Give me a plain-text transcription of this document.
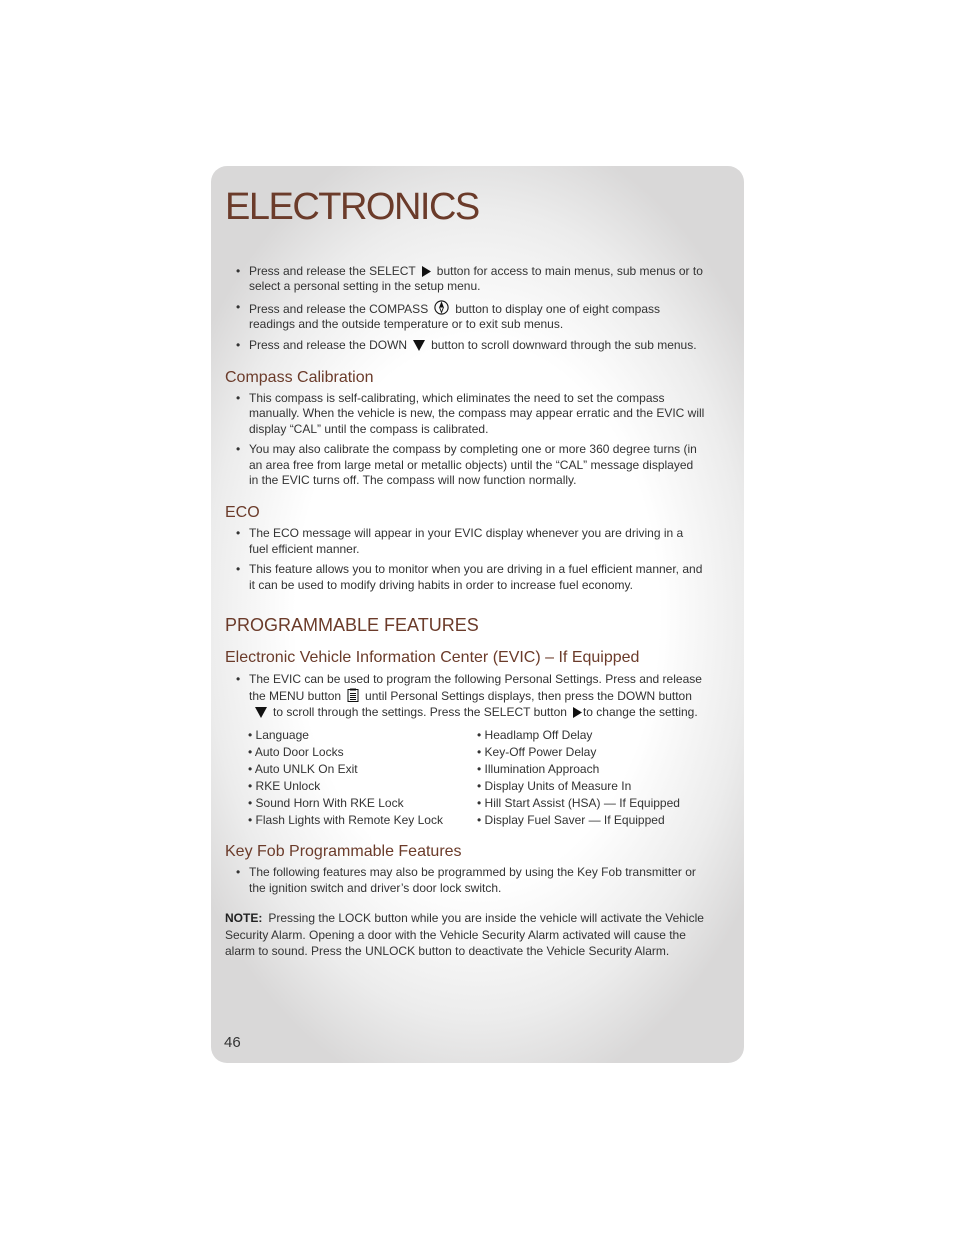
ELECTRONICS
• Press and release the SELECT button for access to main menus, sub menus or to select a personal setting in the setup menu.
• Press and release the COMPASS button to display one of eight compass readings and the outside temperature or to exit sub menus.
• Press and release the DOWN button to scroll downward through the sub menus.
Compass Calibration
• This compass is self-calibrating, which eliminates the need to set the compass manually. When the vehicle is new, the compass may appear erratic and the EVIC will display “CAL” until the compass is calibrated.
• You may also calibrate the compass by completing one or more 360 degree turns (in an area free from large metal or metallic objects) until the “CAL” message displayed in the EVIC turns off. The compass will now function normally.
ECO
• The ECO message will appear in your EVIC display whenever you are driving in a fuel efficient manner.
• This feature allows you to monitor when you are driving in a fuel efficient manner, and it can be used to modify driving habits in order to increase fuel economy.
PROGRAMMABLE FEATURES
Electronic Vehicle Information Center (EVIC) – If Equipped
• The EVIC can be used to program the following Personal Settings. Press and release the MENU button until Personal Settings displays, then press the DOWN buttonto scroll through the settings. Press the SELECT button to change the setting.
• Language
• Auto Door Locks
• Auto UNLK On Exit
• RKE Unlock
• Sound Horn With RKE Lock
• Flash Lights with Remote Key Lock
• Headlamp Off Delay
• Key-Off Power Delay
• Illumination Approach
• Display Units of Measure In
• Hill Start Assist (HSA) — If Equipped
• Display Fuel Saver — If Equipped
Key Fob Programmable Features
• The following features may also be programmed by using the Key Fob transmitter or the ignition switch and driver’s door lock switch.

NOTE: Pressing the LOCK button while you are inside the vehicle will activate the Vehicle Security Alarm. Opening a door with the Vehicle Security Alarm activated will cause the alarm to sound. Press the UNLOCK button to deactivate the Vehicle Security Alarm.

46
